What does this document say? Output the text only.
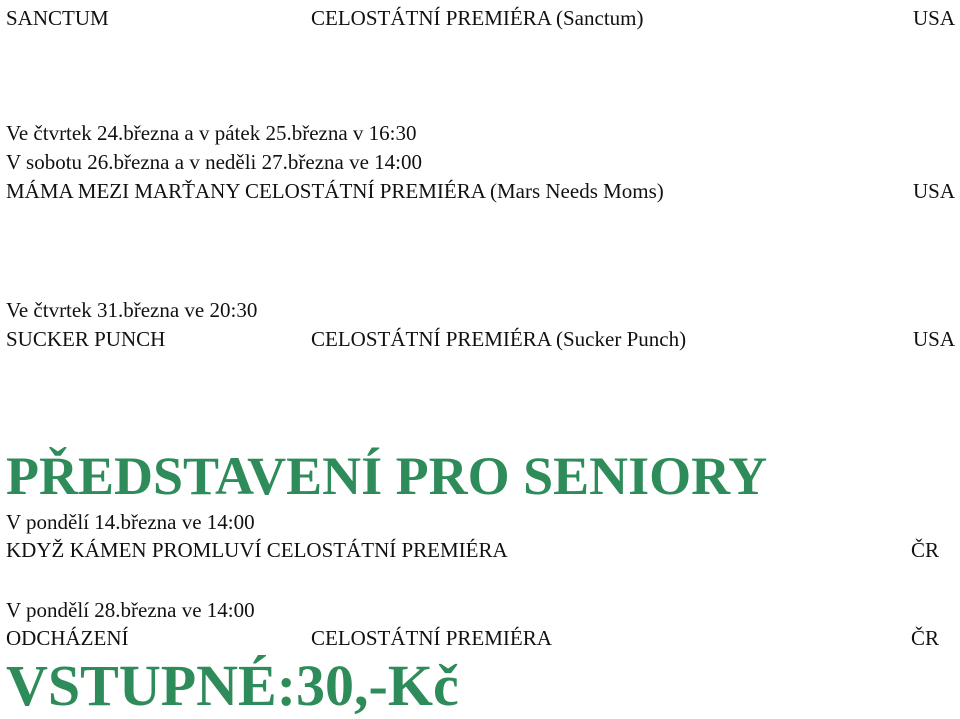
SANCTUM	CELOSTÁTNÍ PREMIÉRA (Sanctum)	USA
Ve čtvrtek 24.března a v pátek 25.března v 16:30
V sobotu 26.března a v neděli 27.března ve 14:00
MÁMA MEZI MARŤANY CELOSTÁTNÍ PREMIÉRA (Mars Needs Moms)	USA
Ve čtvrtek 31.března ve 20:30
SUCKER PUNCH	CELOSTÁTNÍ PREMIÉRA (Sucker Punch)	USA
PŘEDSTAVENÍ PRO SENIORY
V pondělí 14.března ve 14:00
KDYŽ KÁMEN PROMLUVÍ CELOSTÁTNÍ PREMIÉRA	ČR
V pondělí 28.března ve 14:00
ODCHÁZENÍ	CELOSTÁTNÍ PREMIÉRA	ČR
VSTUPNÉ:30,-Kč
